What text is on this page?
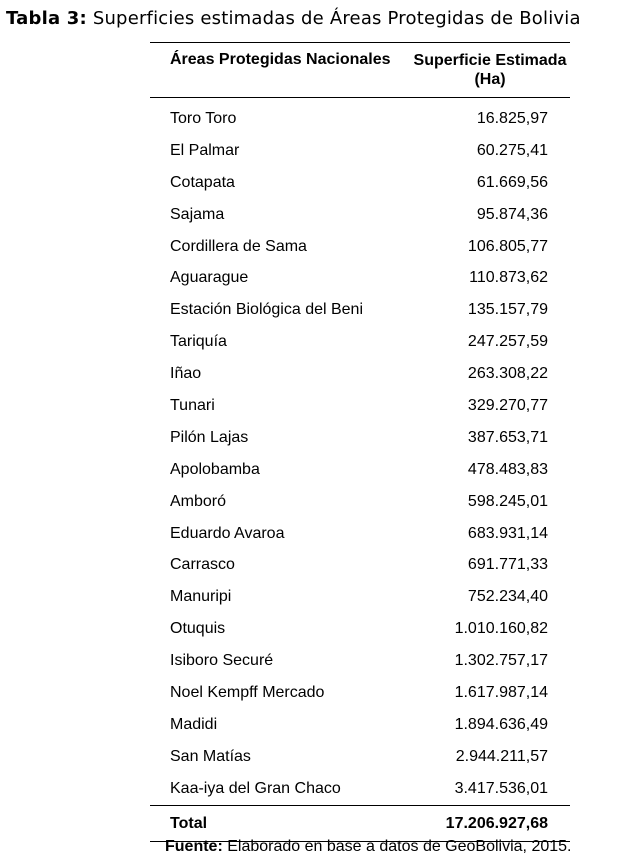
Tabla 3: Superficies estimadas de Áreas Protegidas de Bolivia
Áreas Protegidas Nacionales	Superficie Estimada
(Ha)
Toro Toro	16.825,97
El Palmar	60.275,41
Cotapata	61.669,56
Sajama	95.874,36
Cordillera de Sama	106.805,77
Aguarague	110.873,62
Estación Biológica del Beni	135.157,79
Tariquía	247.257,59
Iñao	263.308,22
Tunari	329.270,77
Pilón Lajas	387.653,71
Apolobamba	478.483,83
Amboró	598.245,01
Eduardo Avaroa	683.931,14
Carrasco	691.771,33
Manuripi	752.234,40
Otuquis	1.010.160,82
Isiboro Securé	1.302.757,17
Noel Kempff Mercado	1.617.987,14
Madidi	1.894.636,49
San Matías	2.944.211,57
Kaa-iya del Gran Chaco	3.417.536,01
Total	17.206.927,68
Fuente: Elaborado en base a datos de GeoBolivia, 2015.
